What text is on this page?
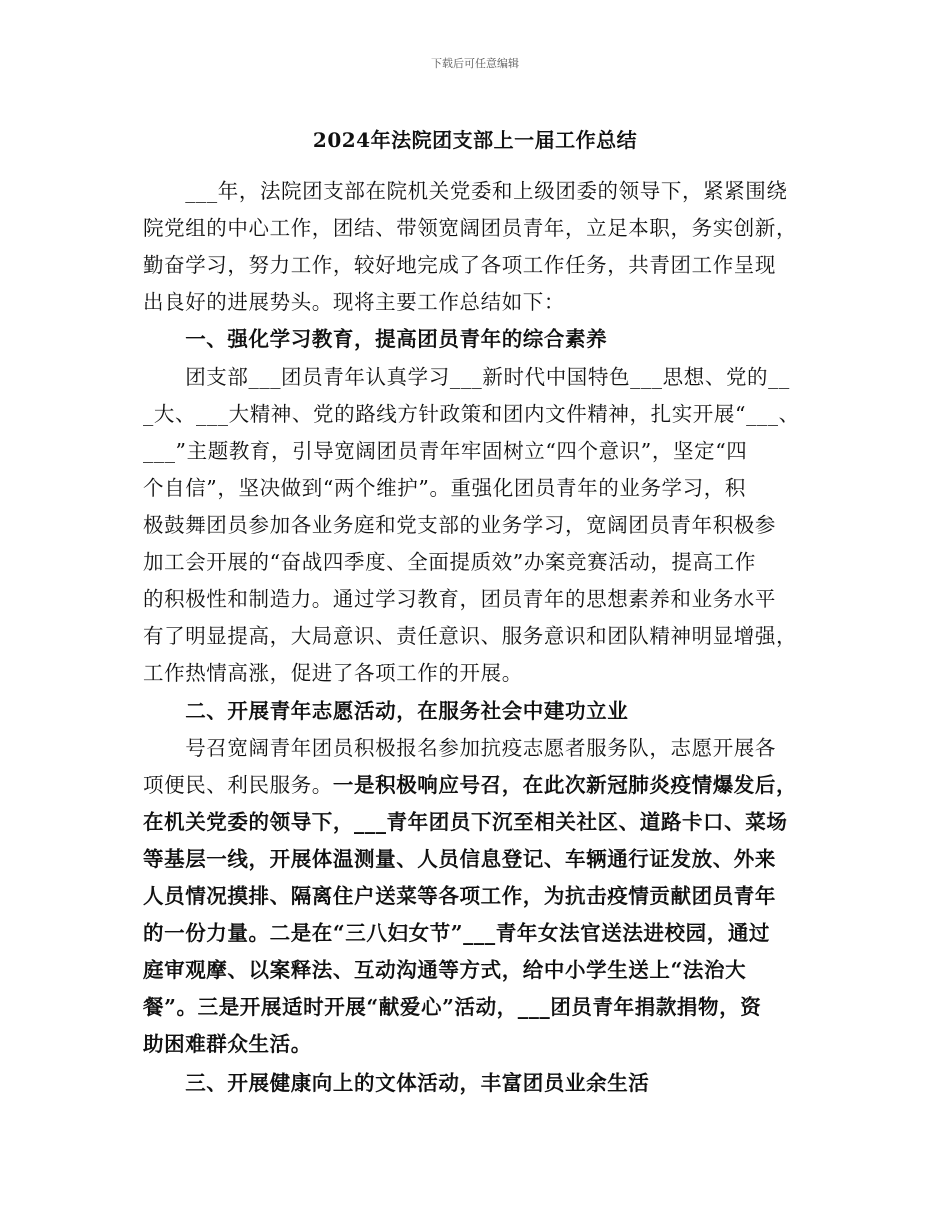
下载后可任意编辑
2024年法院团支部上一届工作总结
　　___年，法院团支部在院机关党委和上级团委的领导下，紧紧围绕
院党组的中心工作，团结、带领宽阔团员青年，立足本职，务实创新，
勤奋学习，努力工作，较好地完成了各项工作任务，共青团工作呈现
出良好的进展势头。现将主要工作总结如下：
　　一、强化学习教育，提高团员青年的综合素养
　　团支部___团员青年认真学习___新时代中国特色___思想、党的__
_大、___大精神、党的路线方针政策和团内文件精神，扎实开展“___、
___”主题教育，引导宽阔团员青年牢固树立“四个意识”，坚定“四
个自信”，坚决做到“两个维护”。重强化团员青年的业务学习，积
极鼓舞团员参加各业务庭和党支部的业务学习，宽阔团员青年积极参
加工会开展的“奋战四季度、全面提质效”办案竞赛活动，提高工作
的积极性和制造力。通过学习教育，团员青年的思想素养和业务水平
有了明显提高，大局意识、责任意识、服务意识和团队精神明显增强，
工作热情高涨，促进了各项工作的开展。
　　二、开展青年志愿活动，在服务社会中建功立业
　　号召宽阔青年团员积极报名参加抗疫志愿者服务队，志愿开展各
项便民、利民服务。一是积极响应号召，在此次新冠肺炎疫情爆发后，
在机关党委的领导下，___青年团员下沉至相关社区、道路卡口、菜场
等基层一线，开展体温测量、人员信息登记、车辆通行证发放、外来
人员情况摸排、隔离住户送菜等各项工作，为抗击疫情贡献团员青年
的一份力量。二是在“三八妇女节”___青年女法官送法进校园，通过
庭审观摩、以案释法、互动沟通等方式，给中小学生送上“法治大
餐”。三是开展适时开展“献爱心”活动，___团员青年捐款捐物，资
助困难群众生活。
　　三、开展健康向上的文体活动，丰富团员业余生活
